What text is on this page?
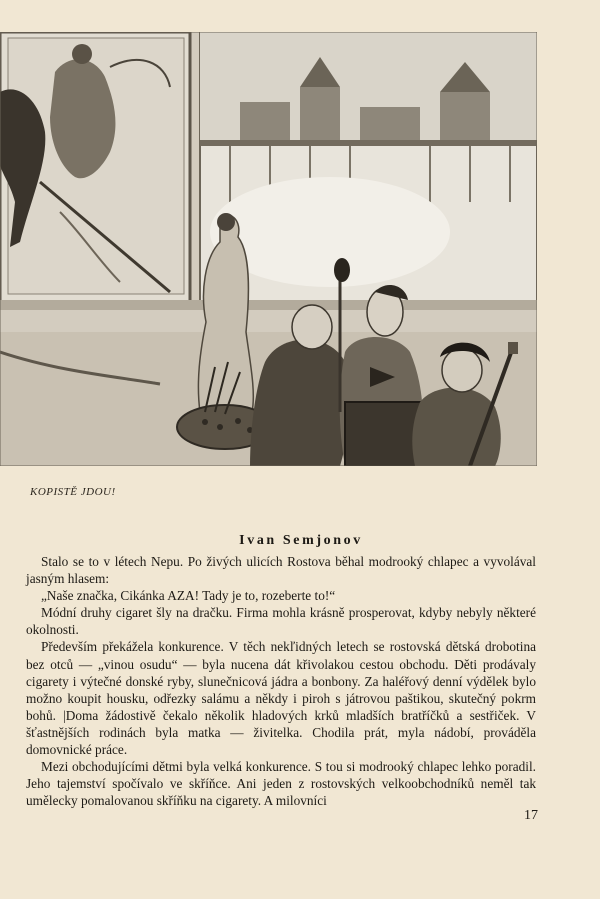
KOPISTĚ JDOU!
Ivan Semjonov

Stalo se to v létech Nepu. Po živých ulicích Rostova běhal modrooký chlapec a vyvolával jasným hlasem:

„Naše značka, Cikánka AZA! Tady je to, rozeberte to!“

Módní druhy cigaret šly na dračku. Firma mohla krásně prosperovat, kdyby nebyly některé okolnosti.

Především překážela konkurence. V těch nekľidných letech se rostovská dětská drobotina bez otců — „vinou osudu“ — byla nucena dát křivolakou cestou obchodu. Děti prodávaly cigarety i výtečné donské ryby, slunečnicová jádra a bonbony. Za haléřový denní výdělek bylo možno koupit housku, odřezky salámu a někdy i piroh s játrovou paštikou, skutečný pokrm bohů. |Doma žádostivě čekalo několik hladových krků mladších bratříčků a sestřiček. V šťastnějších rodinách byla matka — živitelka. Chodila prát, myla nádobí, prováděla domovnické práce.

Mezi obchodujícími dětmi byla velká konkurence. S tou si modrooký chlapec lehko poradil. Jeho tajemství spočívalo ve skříňce. Ani jeden z rostovských velkoobchodníků neměl tak umělecky pomalovanou skříňku na cigarety. A milovníci

17
